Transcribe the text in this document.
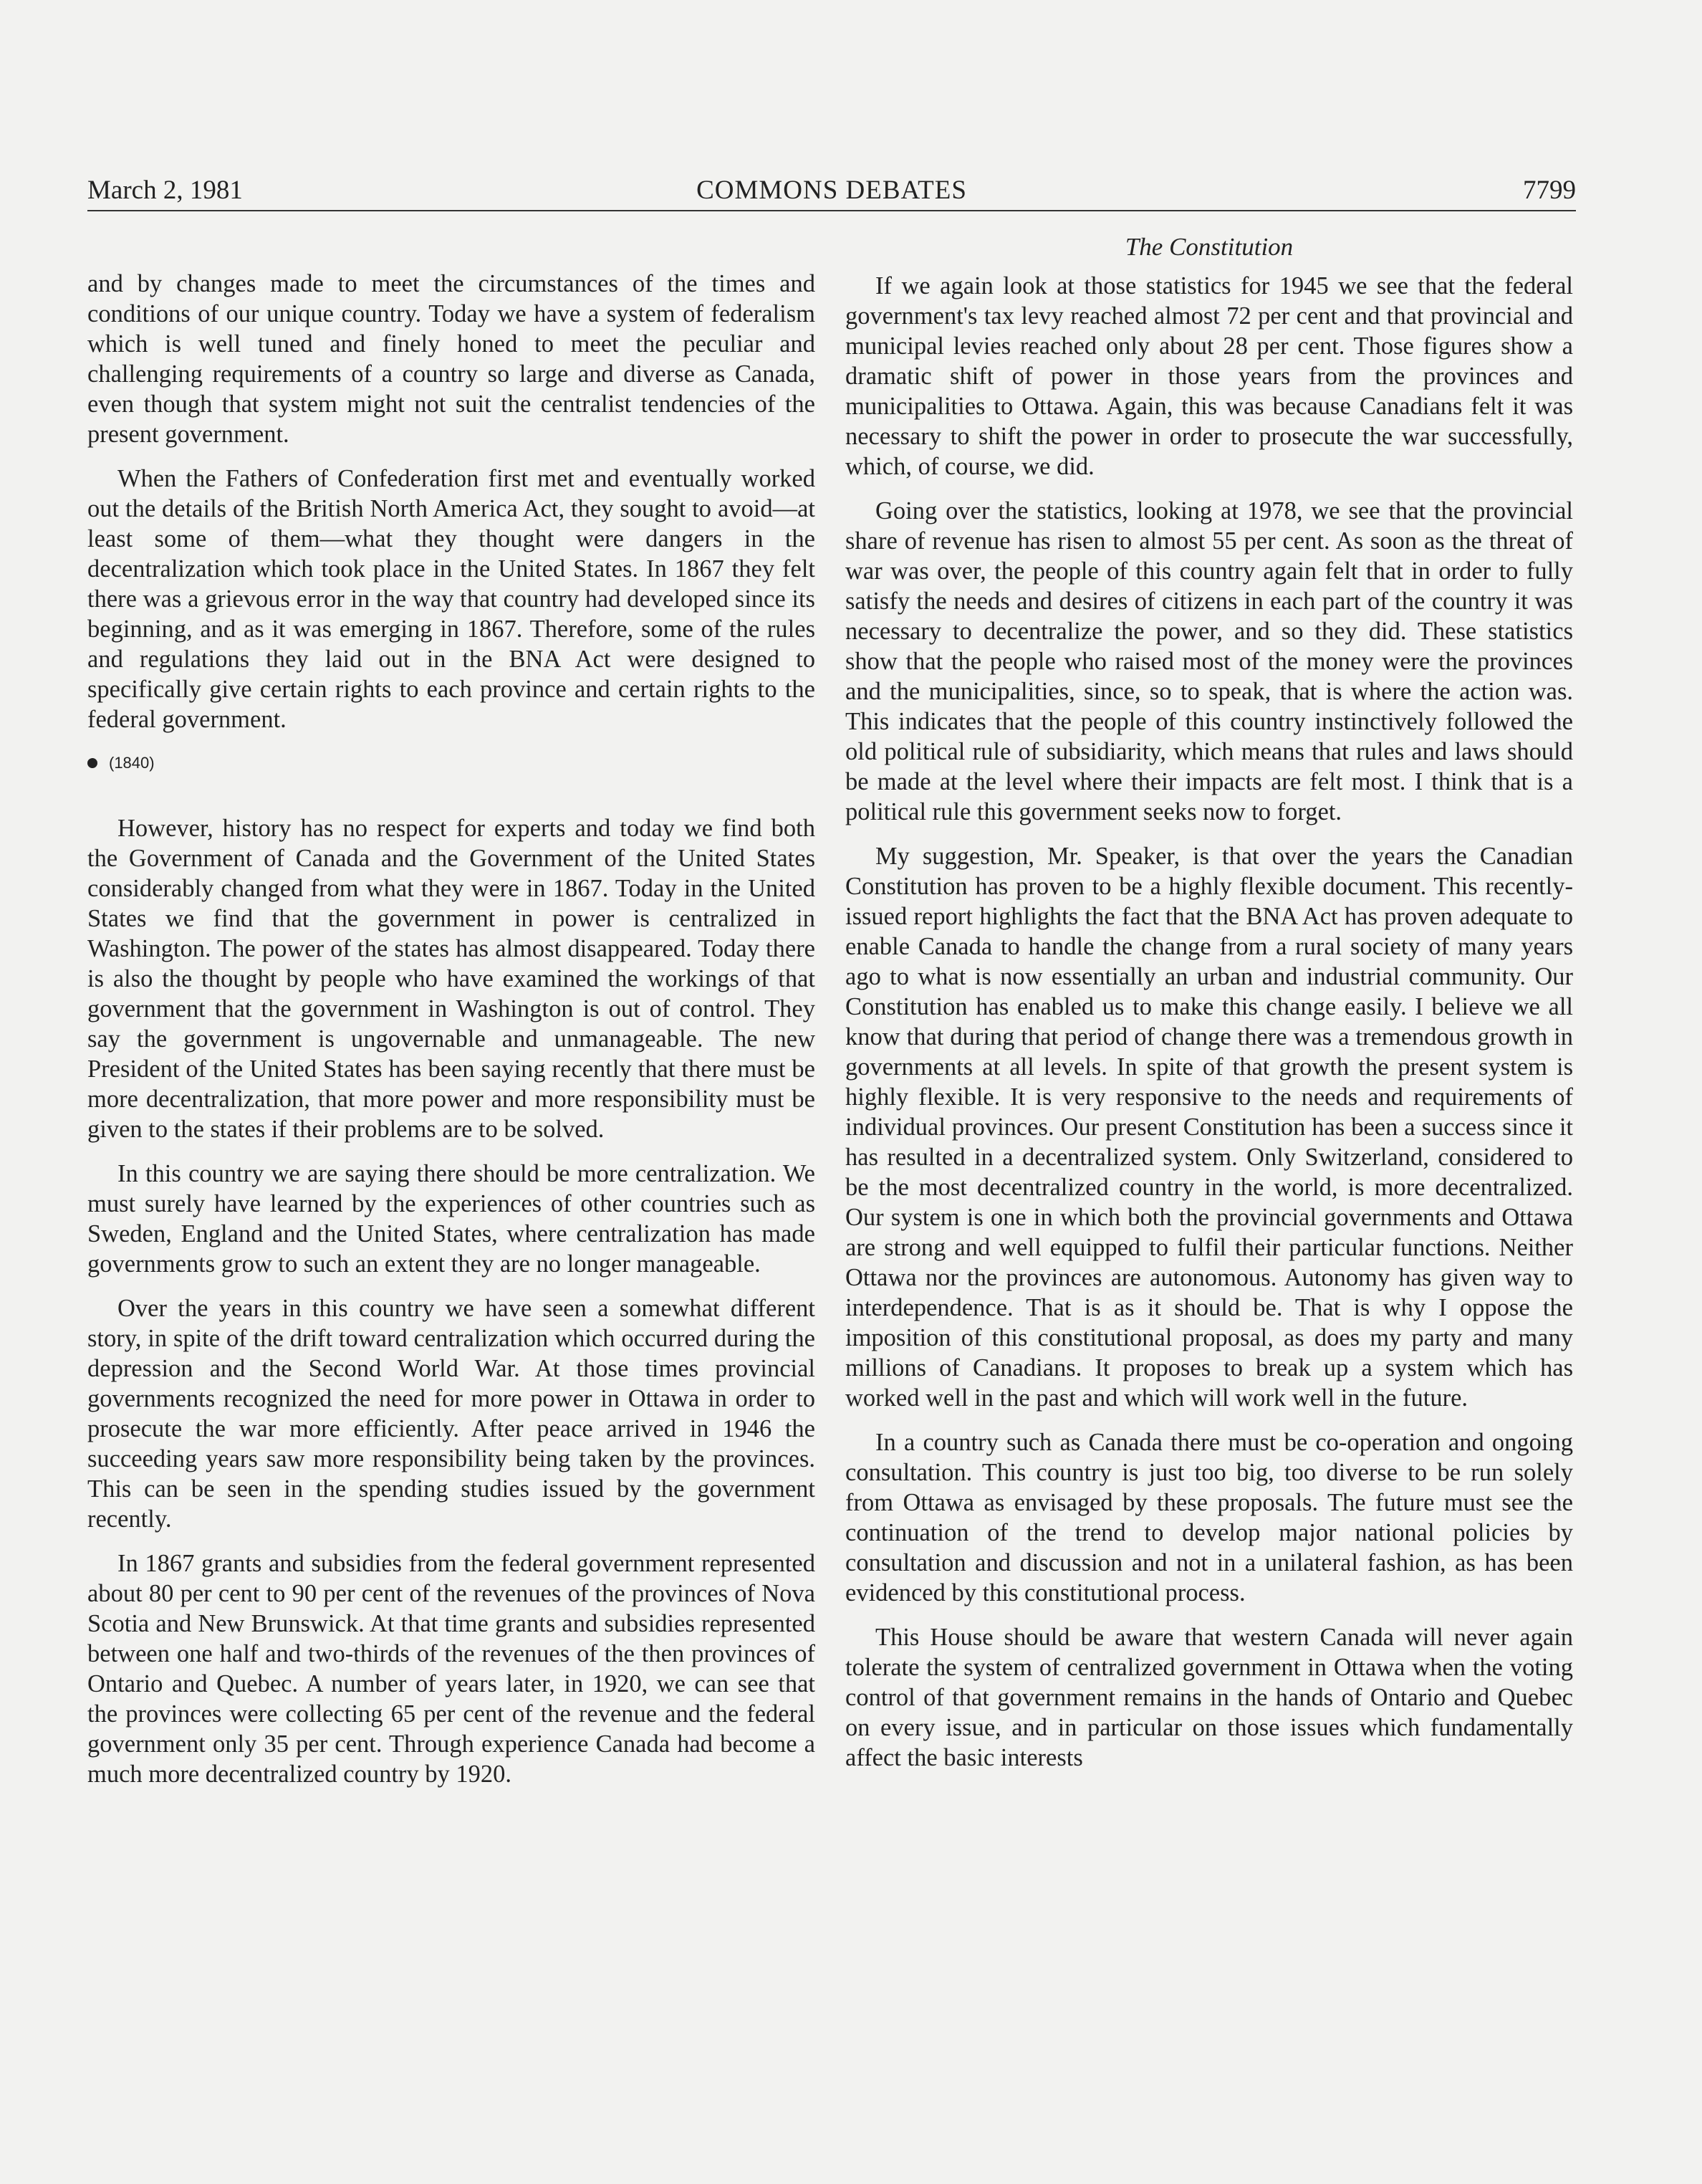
March 2, 1981	COMMONS DEBATES	7799

and by changes made to meet the circumstances of the times and conditions of our unique country. Today we have a system of federalism which is well tuned and finely honed to meet the peculiar and challenging requirements of a country so large and diverse as Canada, even though that system might not suit the centralist tendencies of the present government.

When the Fathers of Confederation first met and eventually worked out the details of the British North America Act, they sought to avoid—at least some of them—what they thought were dangers in the decentralization which took place in the United States. In 1867 they felt there was a grievous error in the way that country had developed since its beginning, and as it was emerging in 1867. Therefore, some of the rules and regulations they laid out in the BNA Act were designed to specifically give certain rights to each province and certain rights to the federal government.

(1840)

However, history has no respect for experts and today we find both the Government of Canada and the Government of the United States considerably changed from what they were in 1867. Today in the United States we find that the government in power is centralized in Washington. The power of the states has almost disappeared. Today there is also the thought by people who have examined the workings of that government that the government in Washington is out of control. They say the government is ungovernable and unmanageable. The new President of the United States has been saying recently that there must be more decentralization, that more power and more responsibility must be given to the states if their problems are to be solved.

In this country we are saying there should be more centralization. We must surely have learned by the experiences of other countries such as Sweden, England and the United States, where centralization has made governments grow to such an extent they are no longer manageable.

Over the years in this country we have seen a somewhat different story, in spite of the drift toward centralization which occurred during the depression and the Second World War. At those times provincial governments recognized the need for more power in Ottawa in order to prosecute the war more efficiently. After peace arrived in 1946 the succeeding years saw more responsibility being taken by the provinces. This can be seen in the spending studies issued by the government recently.

In 1867 grants and subsidies from the federal government represented about 80 per cent to 90 per cent of the revenues of the provinces of Nova Scotia and New Brunswick. At that time grants and subsidies represented between one half and two-thirds of the revenues of the then provinces of Ontario and Quebec. A number of years later, in 1920, we can see that the provinces were collecting 65 per cent of the revenue and the federal government only 35 per cent. Through experience Canada had become a much more decentralized country by 1920.

The Constitution

If we again look at those statistics for 1945 we see that the federal government's tax levy reached almost 72 per cent and that provincial and municipal levies reached only about 28 per cent. Those figures show a dramatic shift of power in those years from the provinces and municipalities to Ottawa. Again, this was because Canadians felt it was necessary to shift the power in order to prosecute the war successfully, which, of course, we did.

Going over the statistics, looking at 1978, we see that the provincial share of revenue has risen to almost 55 per cent. As soon as the threat of war was over, the people of this country again felt that in order to fully satisfy the needs and desires of citizens in each part of the country it was necessary to decentralize the power, and so they did. These statistics show that the people who raised most of the money were the provinces and the municipalities, since, so to speak, that is where the action was. This indicates that the people of this country instinctively followed the old political rule of subsidiarity, which means that rules and laws should be made at the level where their impacts are felt most. I think that is a political rule this government seeks now to forget.

My suggestion, Mr. Speaker, is that over the years the Canadian Constitution has proven to be a highly flexible document. This recently-issued report highlights the fact that the BNA Act has proven adequate to enable Canada to handle the change from a rural society of many years ago to what is now essentially an urban and industrial community. Our Constitution has enabled us to make this change easily. I believe we all know that during that period of change there was a tremendous growth in governments at all levels. In spite of that growth the present system is highly flexible. It is very responsive to the needs and requirements of individual provinces. Our present Constitution has been a success since it has resulted in a decentralized system. Only Switzerland, considered to be the most decentralized country in the world, is more decentralized. Our system is one in which both the provincial governments and Ottawa are strong and well equipped to fulfil their particular functions. Neither Ottawa nor the provinces are autonomous. Autonomy has given way to interdependence. That is as it should be. That is why I oppose the imposition of this constitutional proposal, as does my party and many millions of Canadians. It proposes to break up a system which has worked well in the past and which will work well in the future.

In a country such as Canada there must be co-operation and ongoing consultation. This country is just too big, too diverse to be run solely from Ottawa as envisaged by these proposals. The future must see the continuation of the trend to develop major national policies by consultation and discussion and not in a unilateral fashion, as has been evidenced by this constitutional process.

This House should be aware that western Canada will never again tolerate the system of centralized government in Ottawa when the voting control of that government remains in the hands of Ontario and Quebec on every issue, and in particular on those issues which fundamentally affect the basic interests
